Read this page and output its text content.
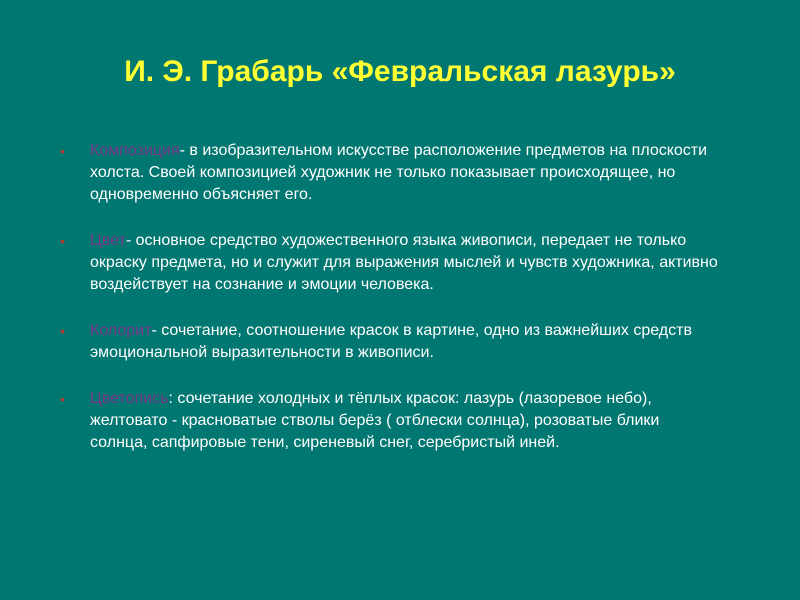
И. Э. Грабарь «Февральская лазурь»
• Композиция- в изобразительном искусстве расположение предметов на плоскости холста. Своей композицией художник не только показывает происходящее, но одновременно объясняет его.
• Цвет- основное средство художественного языка живописи, передает не только окраску предмета, но и служит для выражения мыслей и чувств художника, активно воздействует на сознание и эмоции человека.
• Колорит- сочетание, соотношение красок в картине, одно из важнейших средств эмоциональной выразительности в живописи.
• Цветопись: сочетание холодных и тёплых красок: лазурь (лазоревое небо), желтовато - красноватые стволы берёз ( отблески солнца), розоватые блики солнца, сапфировые тени, сиреневый снег, серебристый иней.
